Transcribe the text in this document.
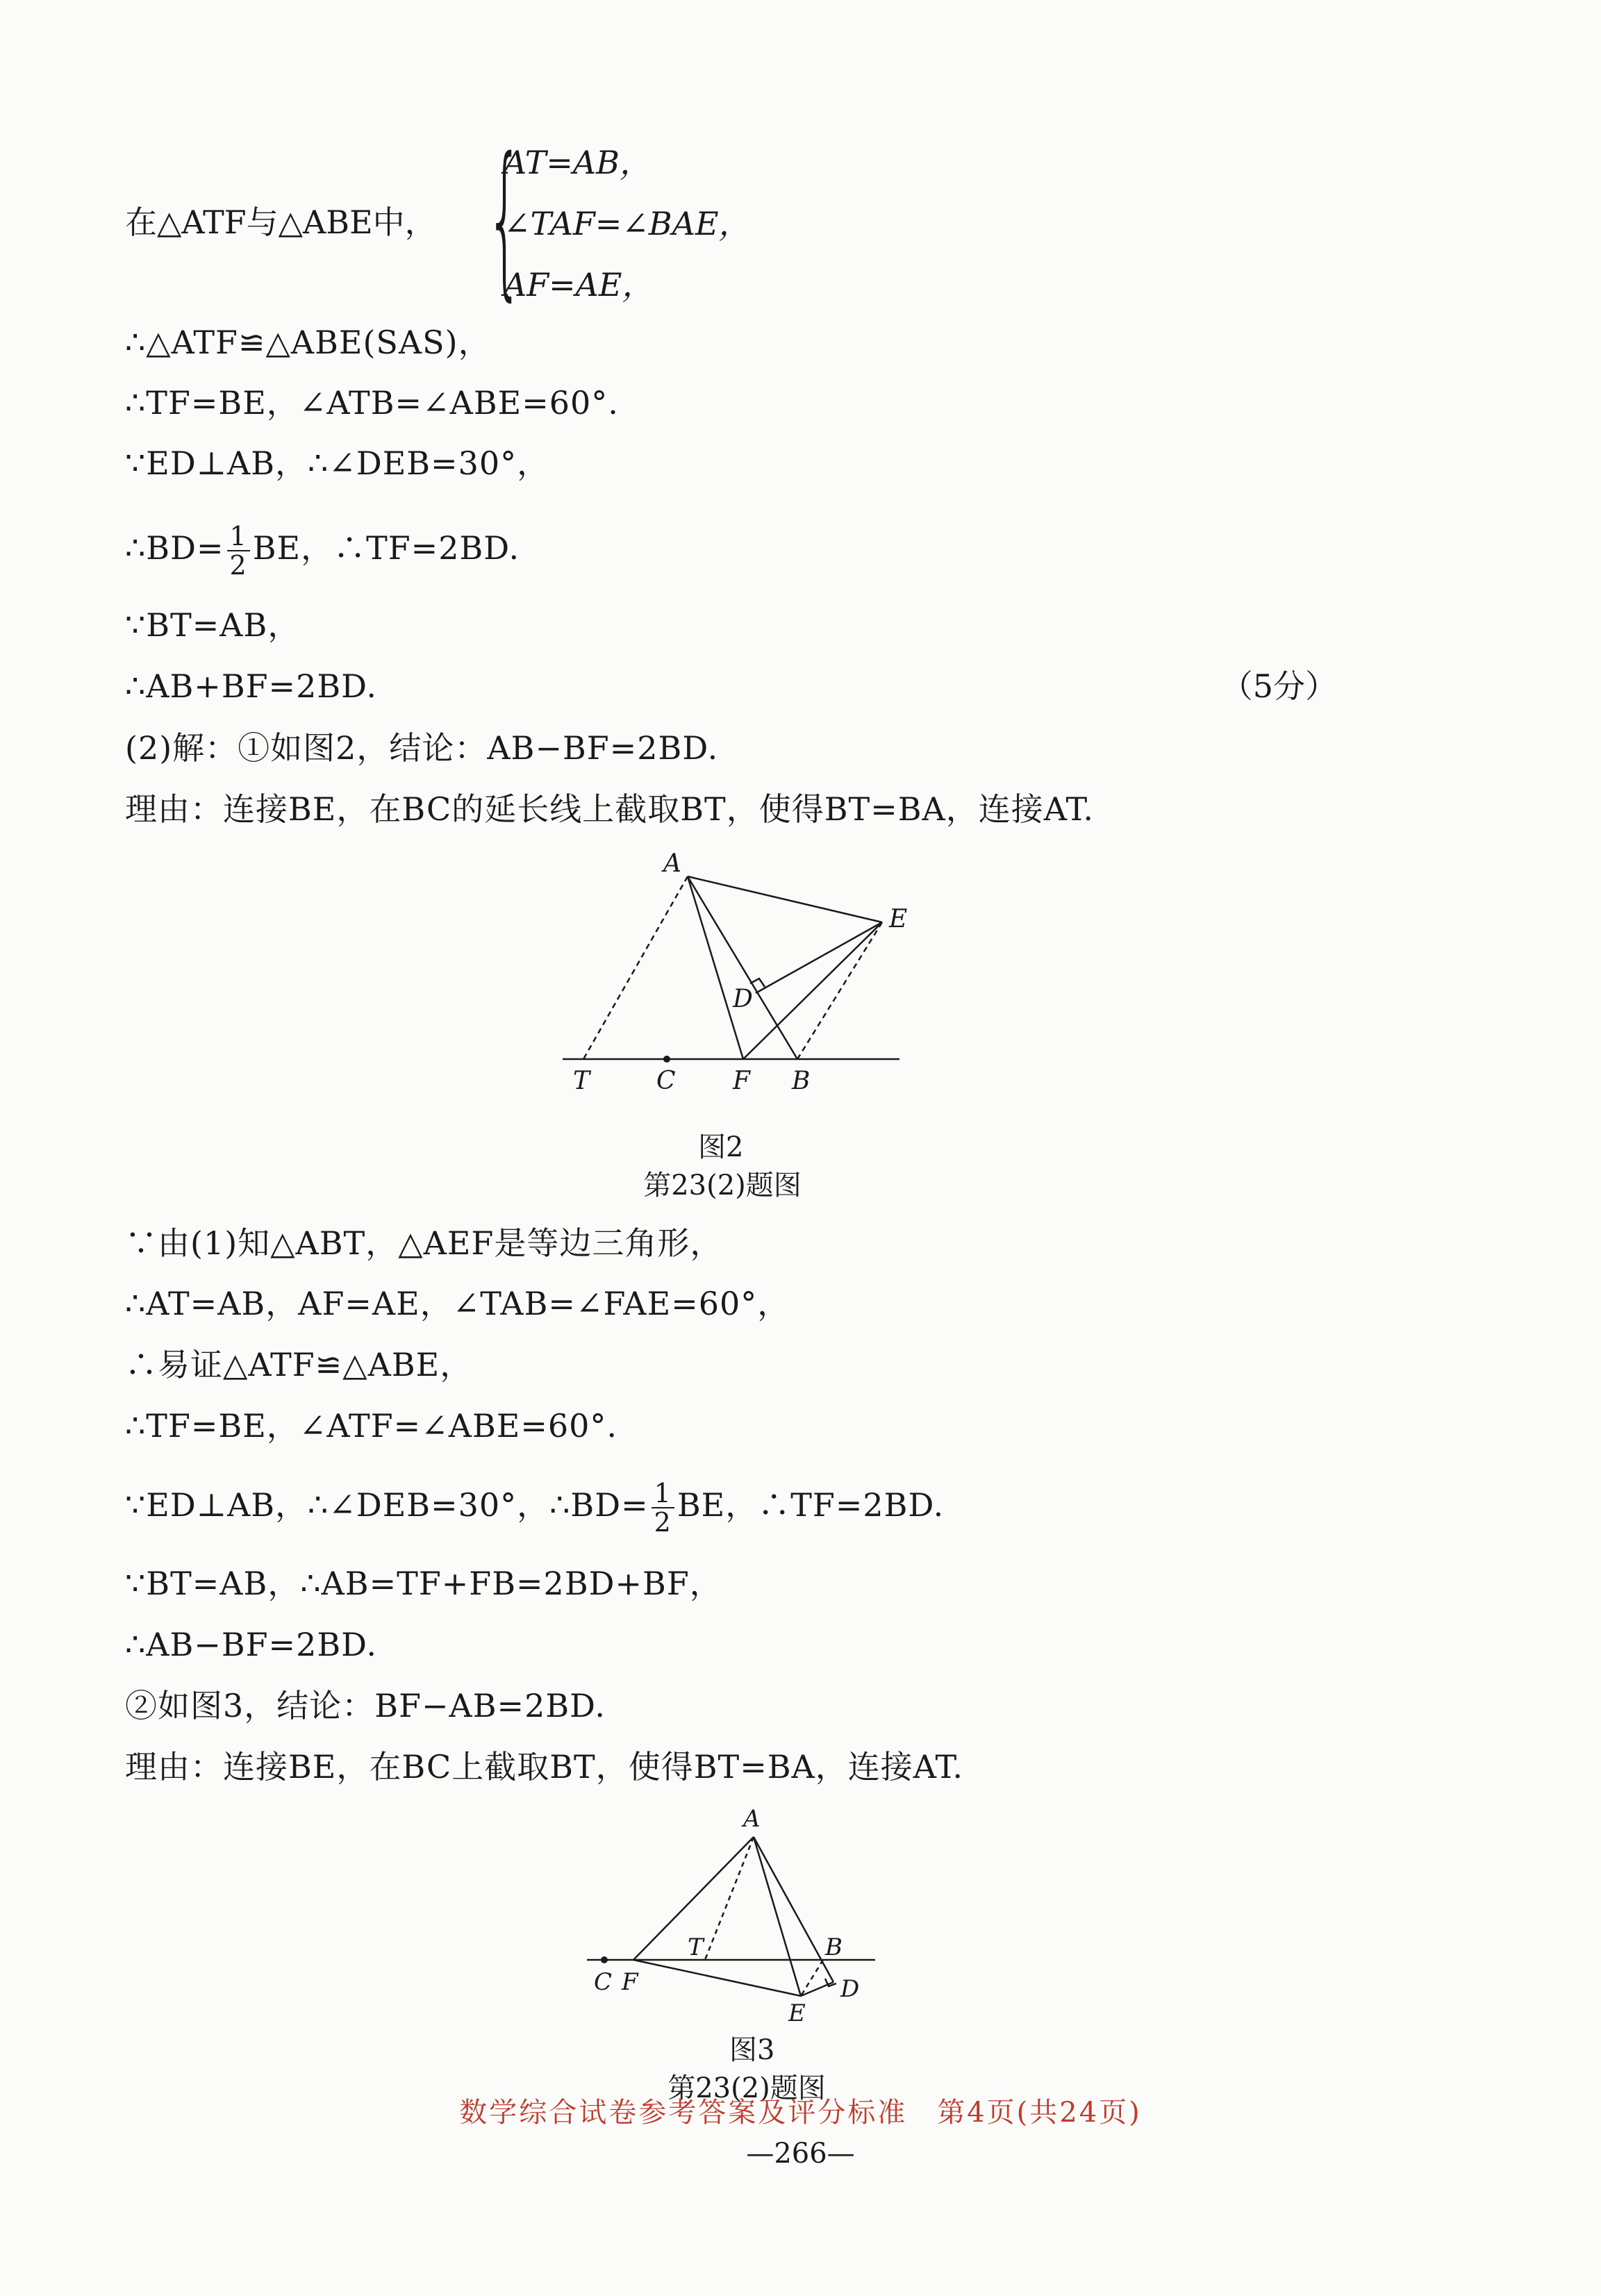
在△ATF与△ABE中， {
AT=AB，
∠TAF=∠BAE，
AF=AE，
∴△ATF≌△ABE(SAS)，
∴TF=BE，∠ATB=∠ABE=60°.
∵ED⊥AB，∴∠DEB=30°，
∴BD= $\frac{1}{2}$ BE，∴TF=2BD.
∵BT=AB，
∴AB+BF=2BD.	（5分）
(2)解：①如图2，结论：AB−BF=2BD.
理由：连接BE，在BC的延长线上截取BT，使得BT=BA，连接AT.
A
E
D
T	C F B
图2
第23(2)题图
∵由(1)知△ABT，△AEF是等边三角形，
∴AT=AB，AF=AE，∠TAB=∠FAE=60°，
∴易证△ATF≌△ABE，
∴TF=BE，∠ATF=∠ABE=60°.
∵ED⊥AB，∴∠DEB=30°，∴BD= $\frac{1}{2}$ BE，∴TF=2BD.
∵BT=AB，∴AB=TF+FB=2BD+BF，
∴AB−BF=2BD.
②如图3，结论：BF−AB=2BD.
理由：连接BE，在BC上截取BT，使得BT=BA，连接AT.
A
T	B
D
C F
E
图3
第23(2)题图
数学综合试卷参考答案及评分标准　第4页(共24页)
—266—
